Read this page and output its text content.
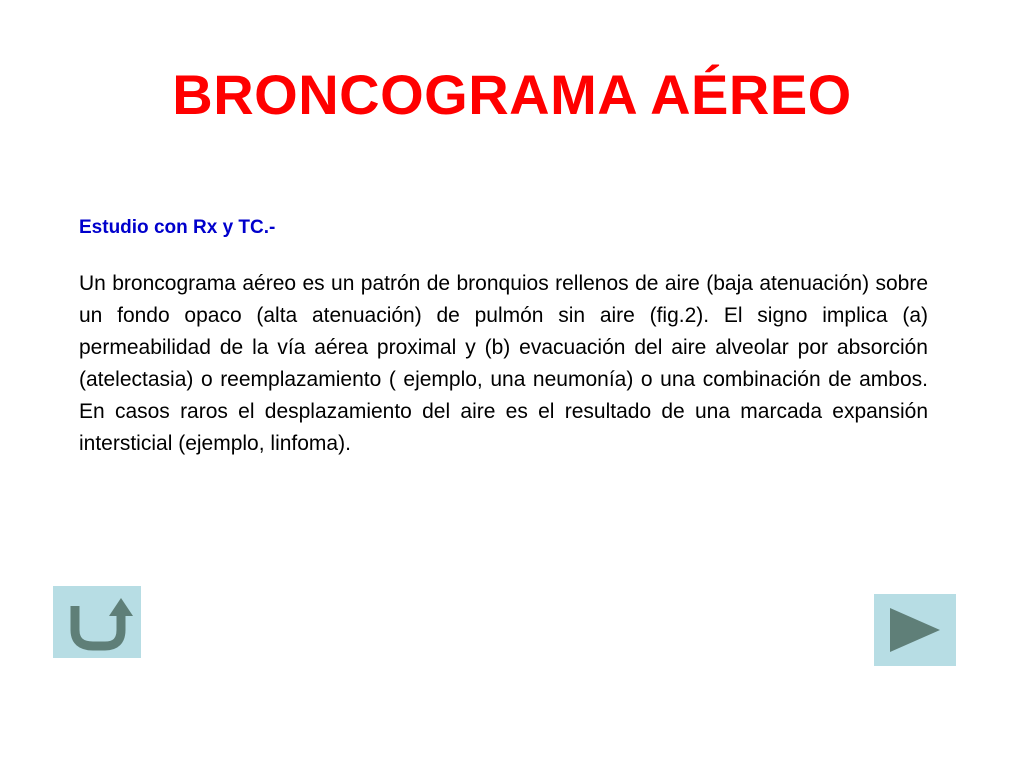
BRONCOGRAMA AÉREO
Estudio con Rx y TC.-

Un broncograma aéreo es un patrón de bronquios rellenos de aire (baja atenuación) sobre un fondo opaco (alta atenuación) de pulmón sin aire (fig.2). El signo implica (a) permeabilidad de la vía aérea proximal y (b) evacuación del aire alveolar por absorción (atelectasia) o reemplazamiento ( ejemplo, una neumonía) o una combinación de ambos. En casos raros el desplazamiento del aire es el resultado de una marcada expansión intersticial (ejemplo, linfoma).
